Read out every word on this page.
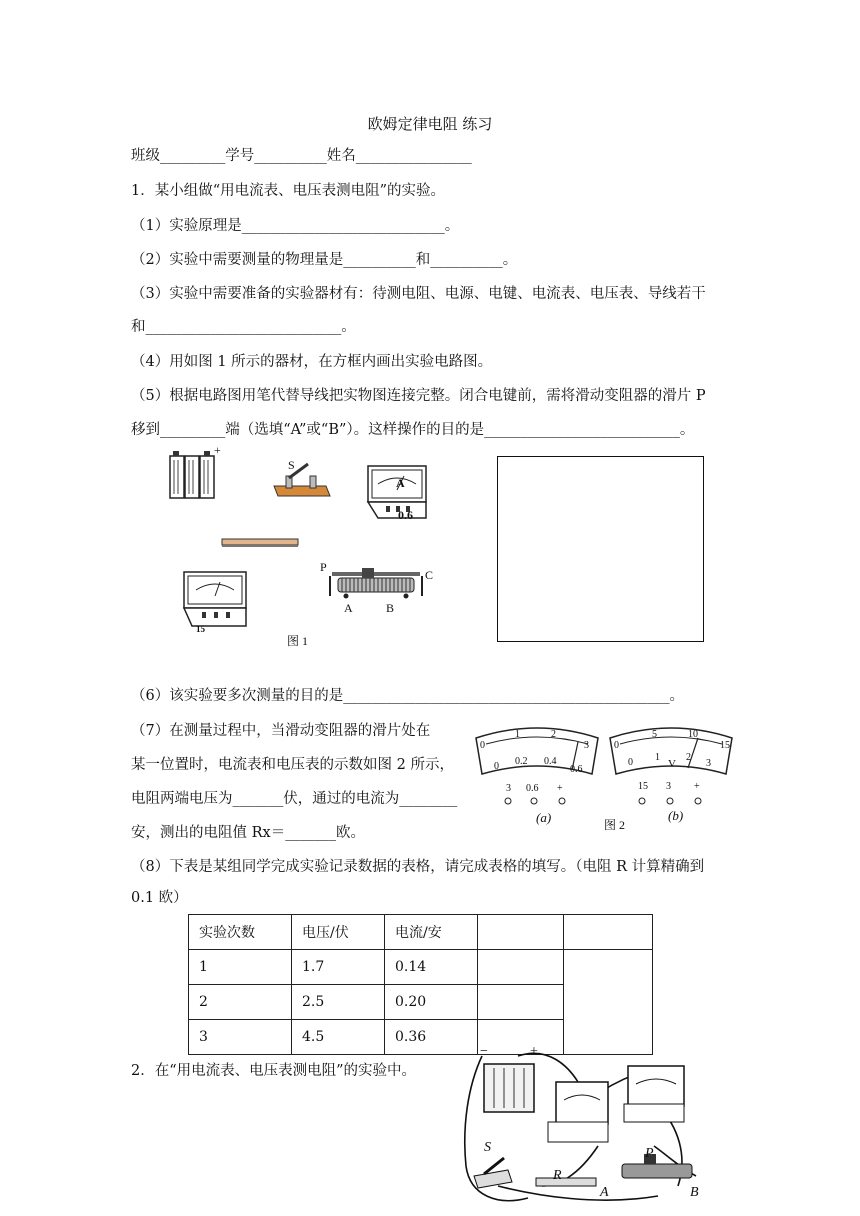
欧姆定律电阻 练习
班级_________学号__________姓名________________
1．某小组做“用电流表、电压表测电阻”的实验。
（1）实验原理是____________________________。
（2）实验中需要测量的物理量是__________和__________。
（3）实验中需要准备的实验器材有：待测电阻、电源、电键、电流表、电压表、导线若干
和___________________________。
（4）用如图 1 所示的器材，在方框内画出实验电路图。
（5）根据电路图用笔代替导线把实物图连接完整。闭合电键前，需将滑动变阻器的滑片 P
移到_________端（选填“A”或“B”）。这样操作的目的是___________________________。
+
S
A
0.6
15
P
C
A	B
图 1
（6）该实验要多次测量的目的是_____________________________________________。
（7）在测量过程中，当滑动变阻器的滑片处在
某一位置时，电流表和电压表的示数如图 2 所示，
电阻两端电压为_______伏，通过的电流为________
安，测出的电阻值 Rx＝_______欧。
0
1	2
3
0 0.2 0.4
0.6
3 0.6 +
(a)
0
5	10
15
0 1	2
3
V
15 3 +
图 2
(b)
（8）下表是某组同学完成实验记录数据的表格，请完成表格的填写。（电阻 R 计算精确到
0.1 欧）
实验次数	电压/伏	电流/安		
1	1.7	0.14		
2	2.5	0.20		
3	4.5	0.36		
2．在“用电流表、电压表测电阻”的实验中。
−	+
S
R
P
A	B
